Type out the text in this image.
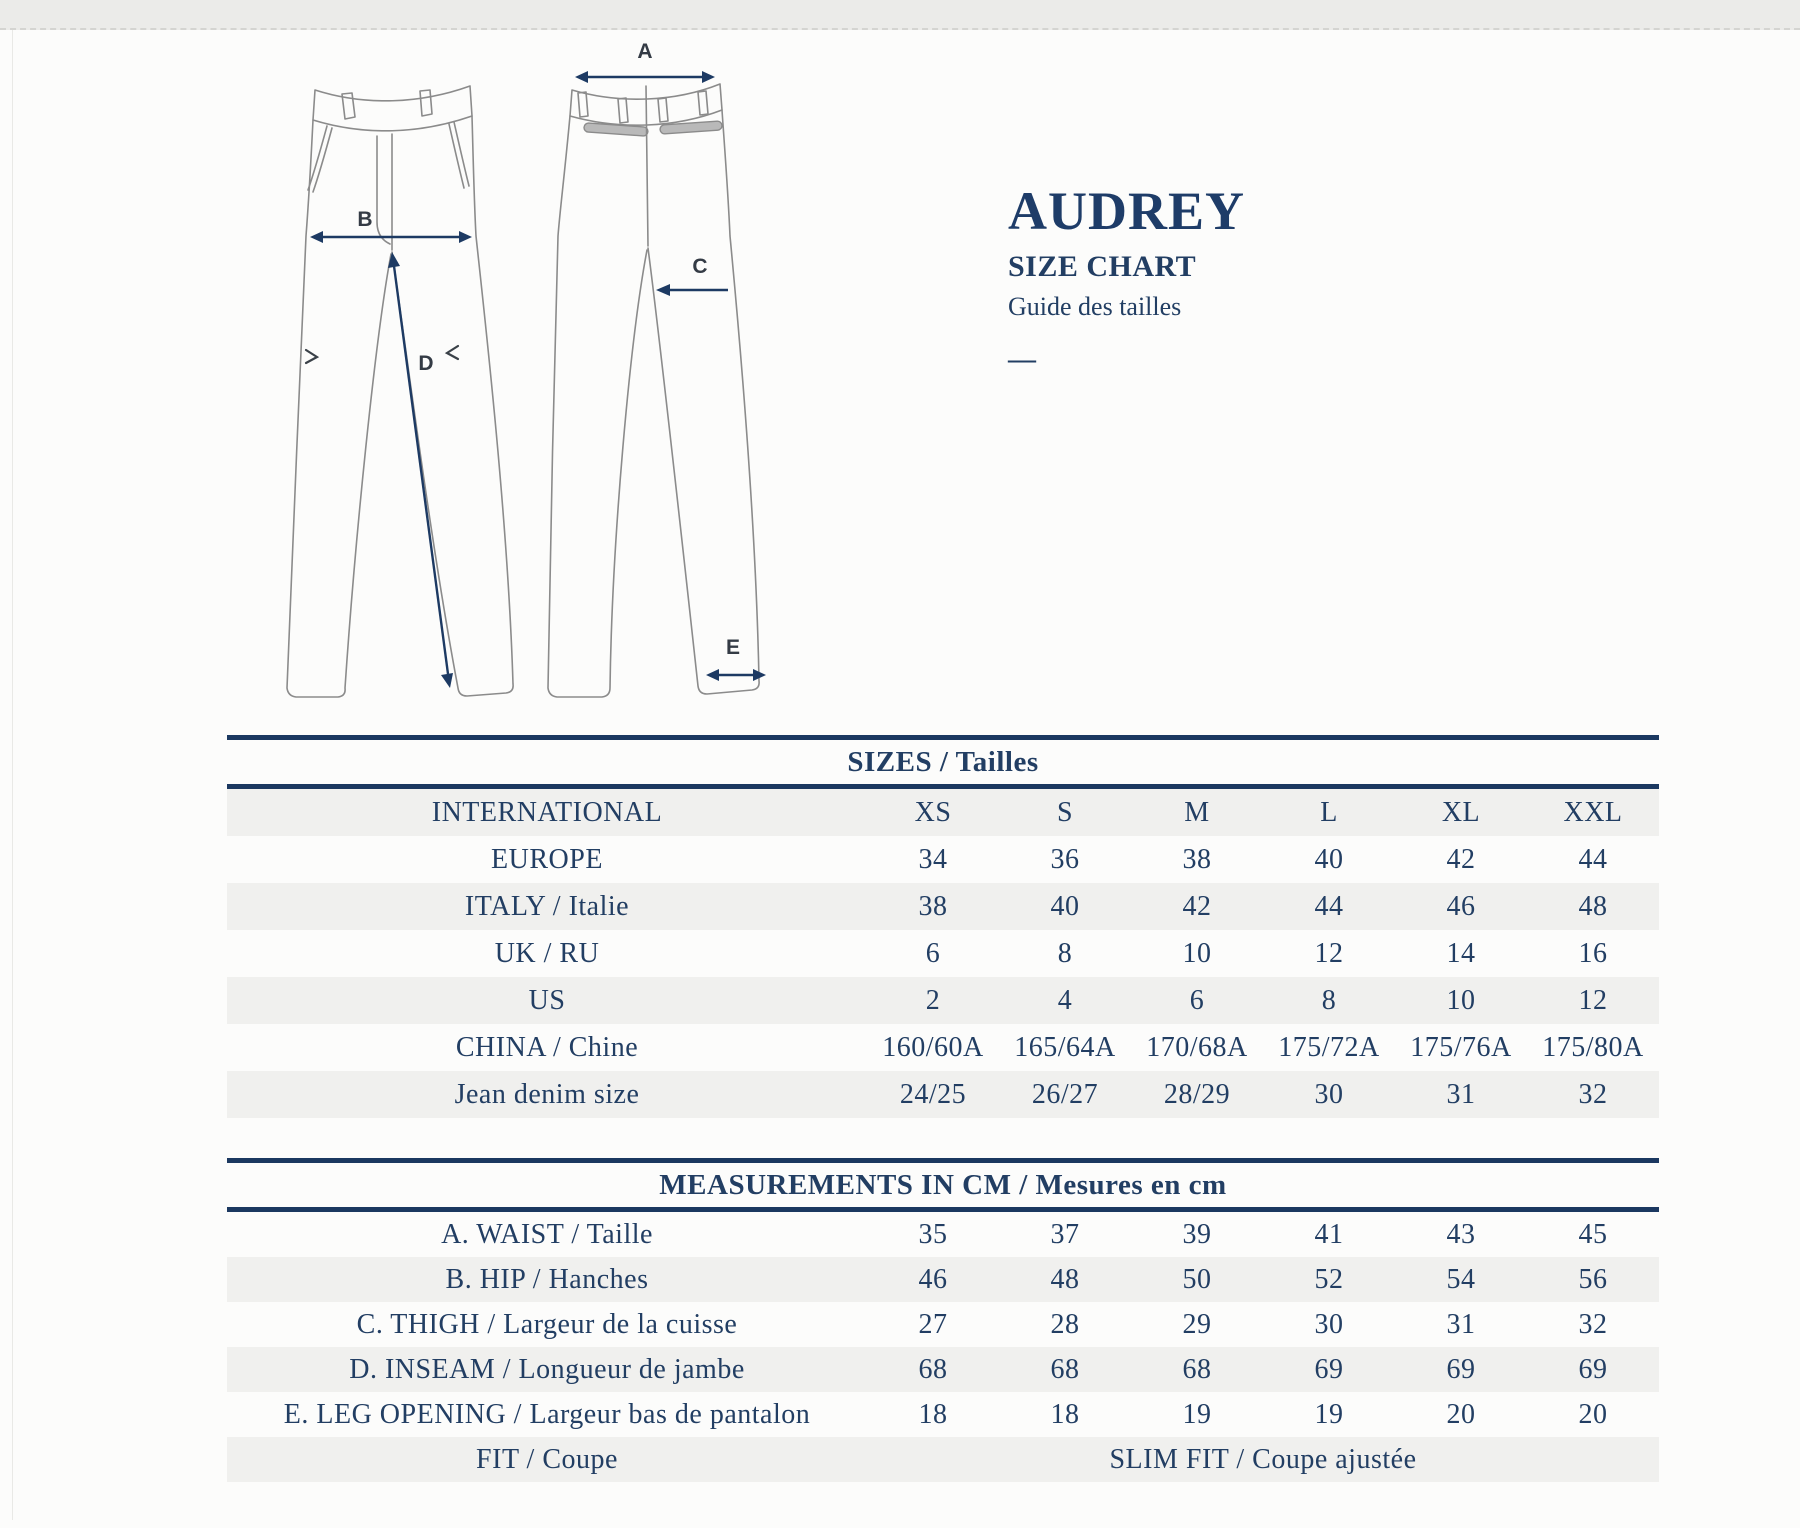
B
D
A
C
E
AUDREY
SIZE CHART
Guide des tailles
—
SIZES / Tailles
INTERNATIONAL	XS	S	M	L	XL	XXL
EUROPE	34	36	38	40	42	44
ITALY / Italie	38	40	42	44	46	48
UK / RU	6	8	10	12	14	16
US	2	4	6	8	10	12
CHINA / Chine	160/60A	165/64A	170/68A	175/72A	175/76A	175/80A
Jean denim size	24/25	26/27	28/29	30	31	32
MEASUREMENTS IN CM / Mesures en cm
A. WAIST / Taille	35	37	39	41	43	45
B. HIP / Hanches	46	48	50	52	54	56
C. THIGH / Largeur de la cuisse	27	28	29	30	31	32
D. INSEAM / Longueur de jambe	68	68	68	69	69	69
E. LEG OPENING / Largeur bas de pantalon	18	18	19	19	20	20
FIT / Coupe	SLIM FIT / Coupe ajustée					
